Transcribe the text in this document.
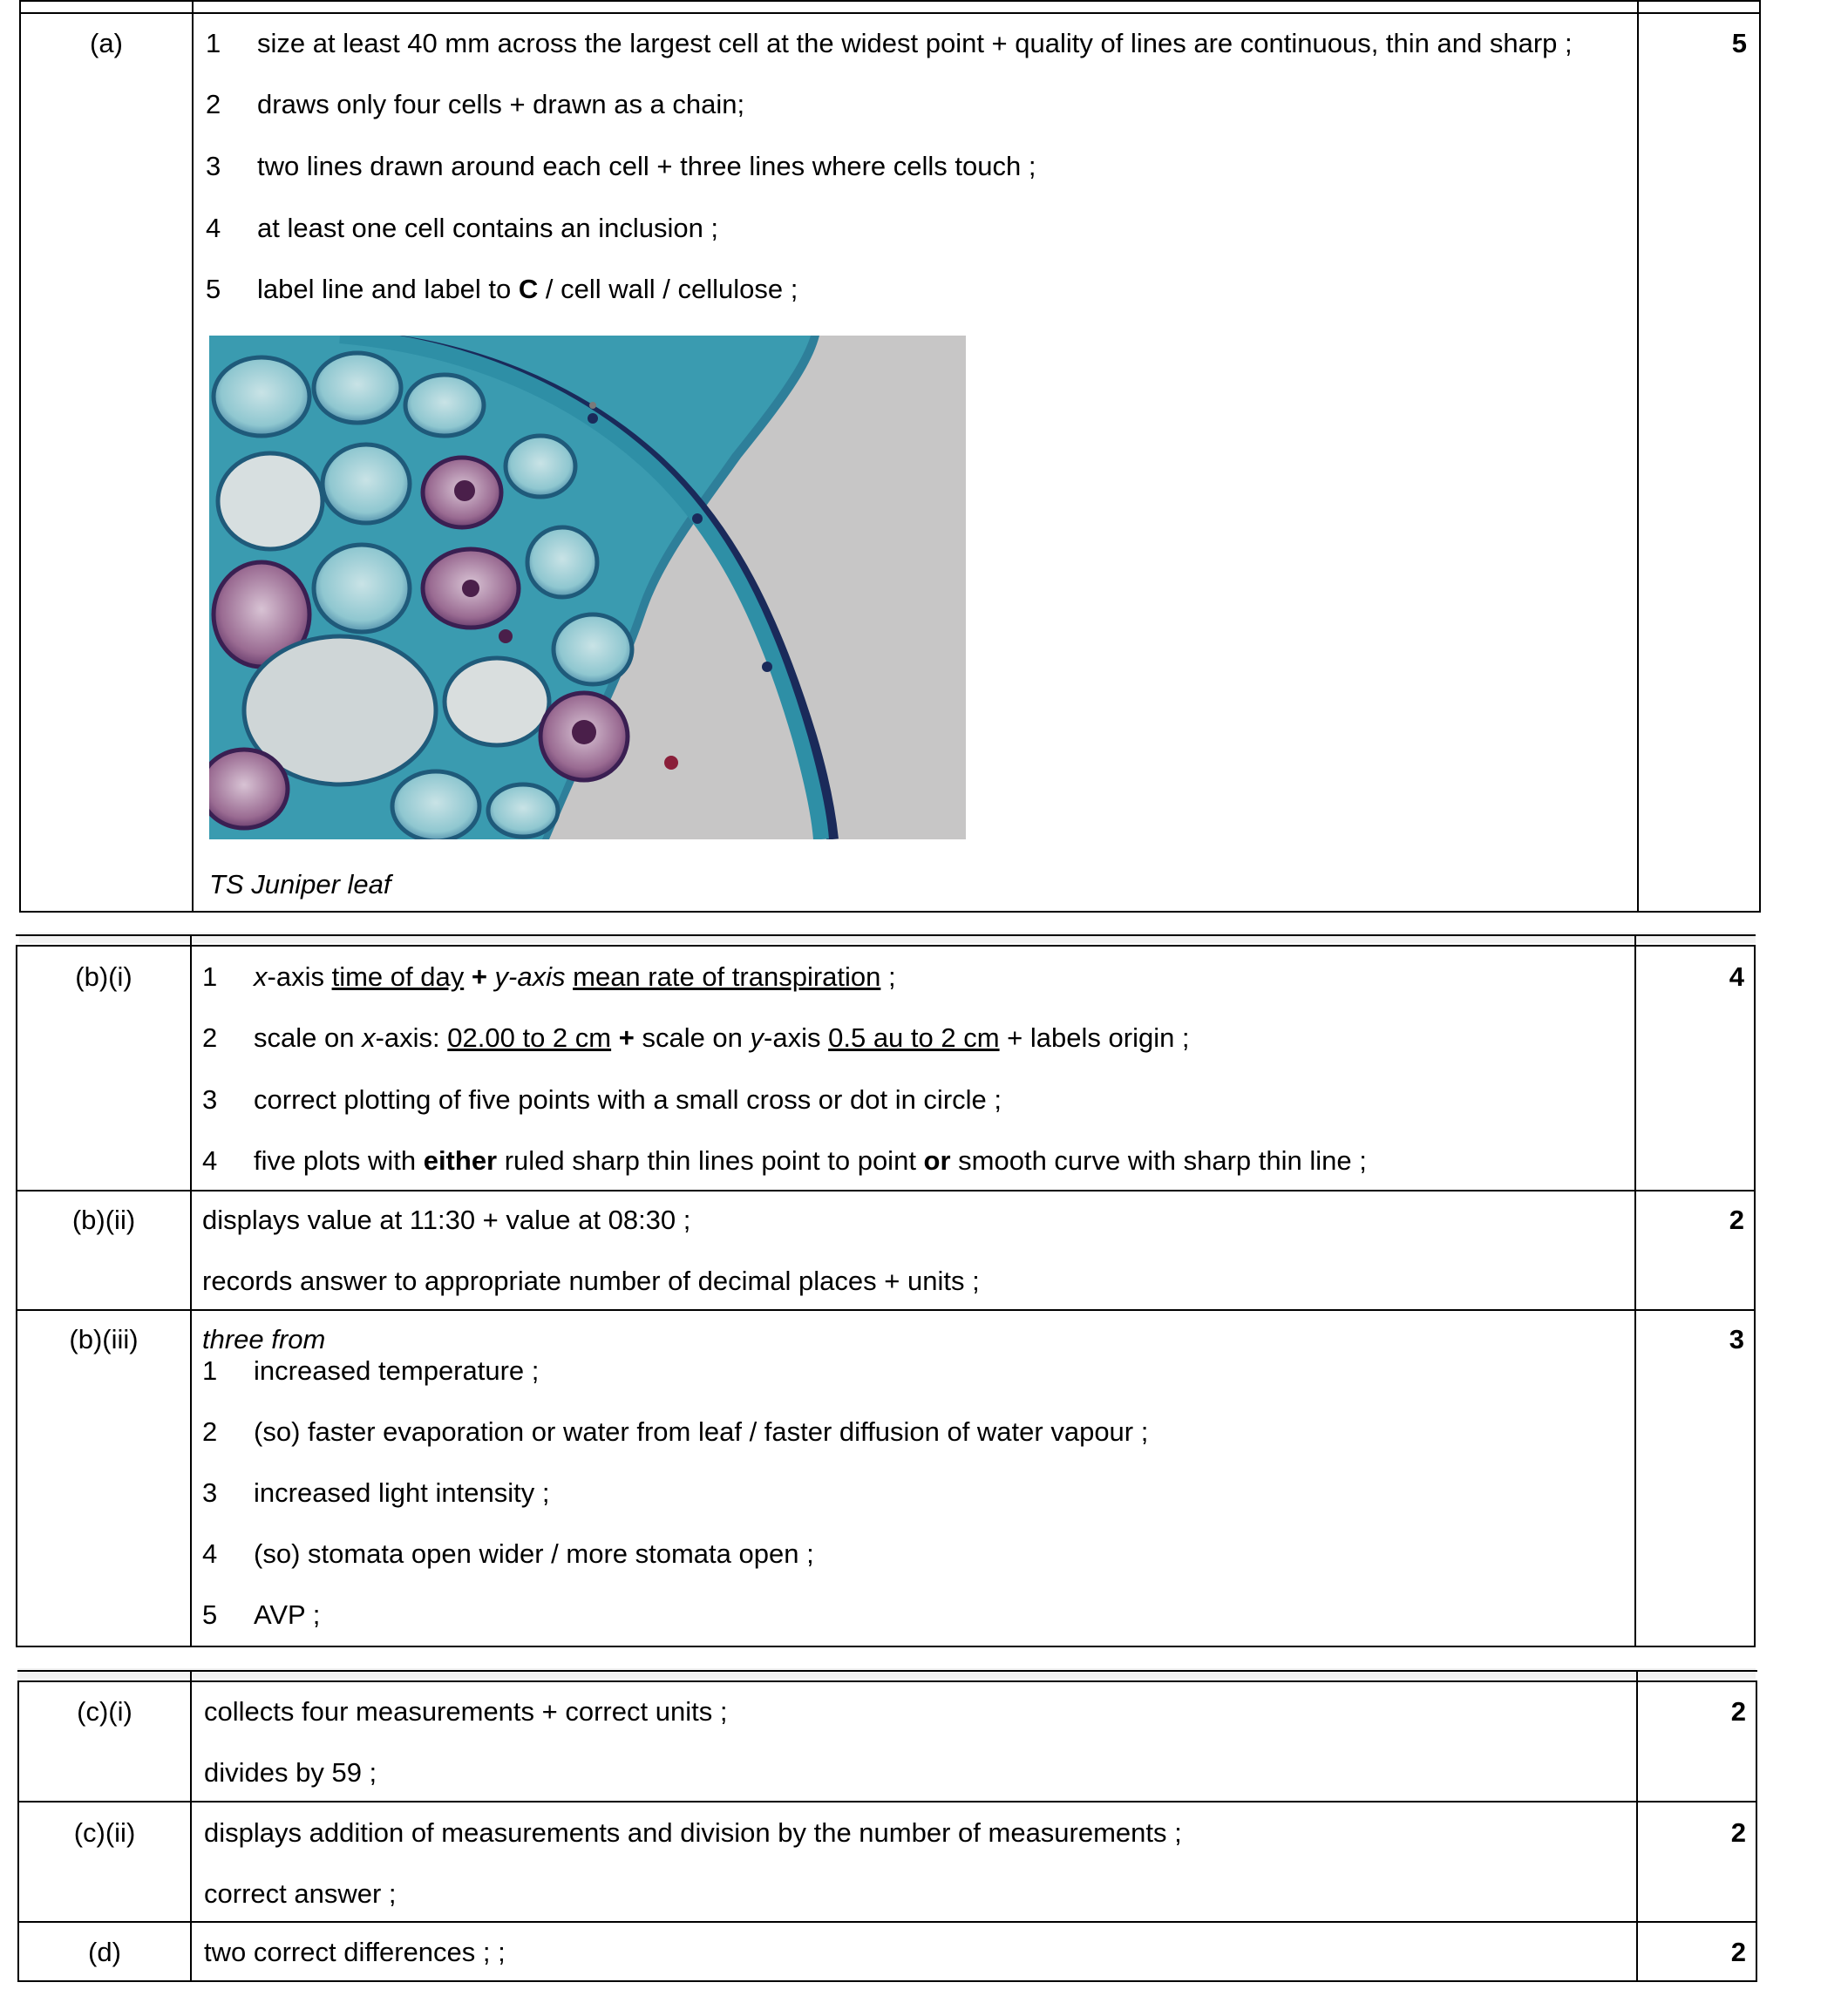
(a)	5
1	size at least 40 mm across the largest cell at the widest point + quality of lines are continuous, thin and sharp ;
2	draws only four cells + drawn as a chain;
3	two lines drawn around each cell + three lines where cells touch ;
4	at least one cell contains an inclusion ;
5	label line and label to C / cell wall / cellulose ;
TS Juniper leaf
(b)(i)	4
1	x-axis time of day + y-axis mean rate of transpiration ;
2	scale on x-axis: 02.00 to 2 cm + scale on y-axis 0.5 au to 2 cm + labels origin ;
3	correct plotting of five points with a small cross or dot in circle ;
4	five plots with either ruled sharp thin lines point to point or smooth curve with sharp thin line ;
(b)(ii)	2
displays value at 11:30 + value at 08:30 ;
records answer to appropriate number of decimal places + units ;
(b)(iii)	3
three from
1	increased temperature ;
2	(so) faster evaporation or water from leaf / faster diffusion of water vapour ;
3	increased light intensity ;
4	(so) stomata open wider / more stomata open ;
5	AVP ;
(c)(i)	2
collects four measurements + correct units ;
divides by 59 ;
(c)(ii)	2
displays addition of measurements and division by the number of measurements ;
correct answer ;
(d)	2
two correct differences ; ;
